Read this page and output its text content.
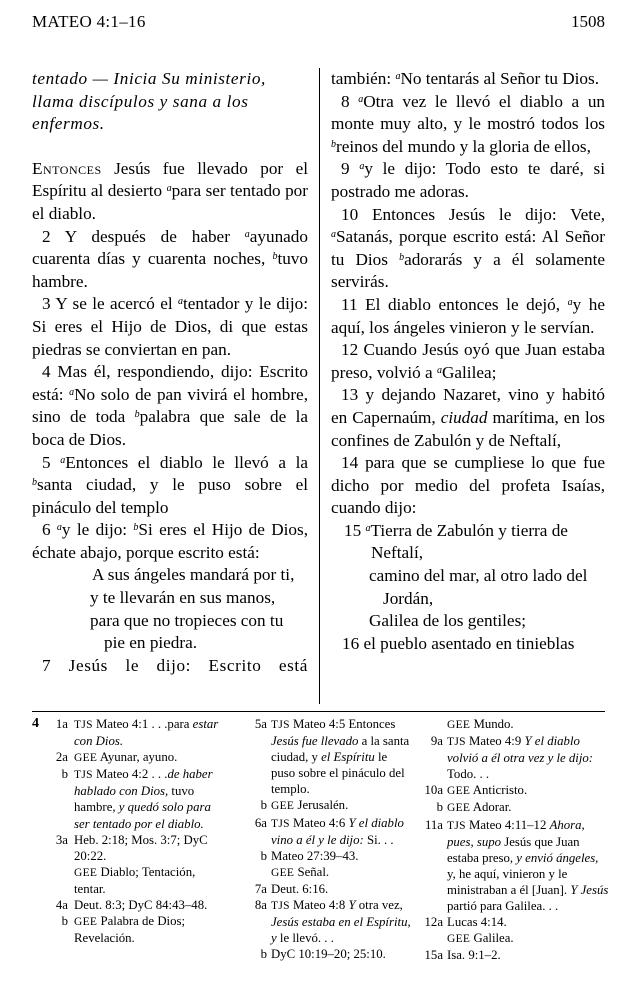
MATEO 4:1–16	1508

tentado — Inicia Su ministerio, llama discípulos y sana a los enfermos.

Entonces Jesús fue llevado por el Espíritu al desierto $^a$para ser tentado por el diablo.

2 Y después de haber $^a$ayunado cuarenta días y cuarenta noches, $^b$tuvo hambre.

3 Y se le acercó el $^a$tentador y le dijo: Si eres el Hijo de Dios, di que estas piedras se conviertan en pan.

4 Mas él, respondiendo, dijo: Escrito está: $^a$No solo de pan vivirá el hombre, sino de toda $^b$palabra que sale de la boca de Dios.

5 $^a$Entonces el diablo le llevó a la $^b$santa ciudad, y le puso sobre el pináculo del templo

6 $^a$y le dijo: $^b$Si eres el Hijo de Dios, échate abajo, porque escrito está:

A sus ángeles mandará por ti,

y te llevarán en sus manos,

para que no tropieces con tu pie en piedra.

7 Jesús le dijo: Escrito está

también: $^a$No tentarás al Señor tu Dios.

8 $^a$Otra vez le llevó el diablo a un monte muy alto, y le mostró todos los $^b$reinos del mundo y la gloria de ellos,

9 $^a$y le dijo: Todo esto te daré, si postrado me adoras.

10 Entonces Jesús le dijo: Vete, $^a$Satanás, porque escrito está: Al Señor tu Dios $^b$adorarás y a él solamente servirás.

11 El diablo entonces le dejó, $^a$y he aquí, los ángeles vinieron y le servían.

12 Cuando Jesús oyó que Juan estaba preso, volvió a $^a$Galilea;

13 y dejando Nazaret, vino y habitó en Capernaúm, ciudad marítima, en los confines de Zabulón y de Neftalí,

14 para que se cumpliese lo que fue dicho por medio del profeta Isaías, cuando dijo:

15 $^a$Tierra de Zabulón y tierra de Neftalí,

camino del mar, al otro lado del Jordán,

Galilea de los gentiles;

16 el pueblo asentado en tinieblas

4	1a TJS Mateo 4:1 . . .para estar con Dios.
2a GEE Ayunar, ayuno.
b TJS Mateo 4:2 . . .de haber hablado con Dios, tuvo hambre, y quedó solo para ser tentado por el diablo.
3a Heb. 2:18; Mos. 3:7; DyC 20:22.
GEE Diablo; Tentación, tentar.
4a Deut. 8:3; DyC 84:43–48.
b GEE Palabra de Dios; Revelación.
5a TJS Mateo 4:5 Entonces Jesús fue llevado a la santa ciudad, y el Espíritu le puso sobre el pináculo del templo.
b GEE Jerusalén.
6a TJS Mateo 4:6 Y el diablo vino a él y le dijo: Si. . .
b Mateo 27:39–43.
GEE Señal.
7a Deut. 6:16.
8a TJS Mateo 4:8 Y otra vez, Jesús estaba en el Espíritu, y le llevó. . .
b DyC 10:19–20; 25:10.
GEE Mundo.
9a TJS Mateo 4:9 Y el diablo volvió a él otra vez y le dijo: Todo. . .
10a GEE Anticristo.
b GEE Adorar.
11a TJS Mateo 4:11–12 Ahora, pues, supo Jesús que Juan estaba preso, y envió ángeles, y, he aquí, vinieron y le ministraban a él [Juan]. Y Jesús partió para Galilea. . .
12a Lucas 4:14.
GEE Galilea.
15a Isa. 9:1–2.
